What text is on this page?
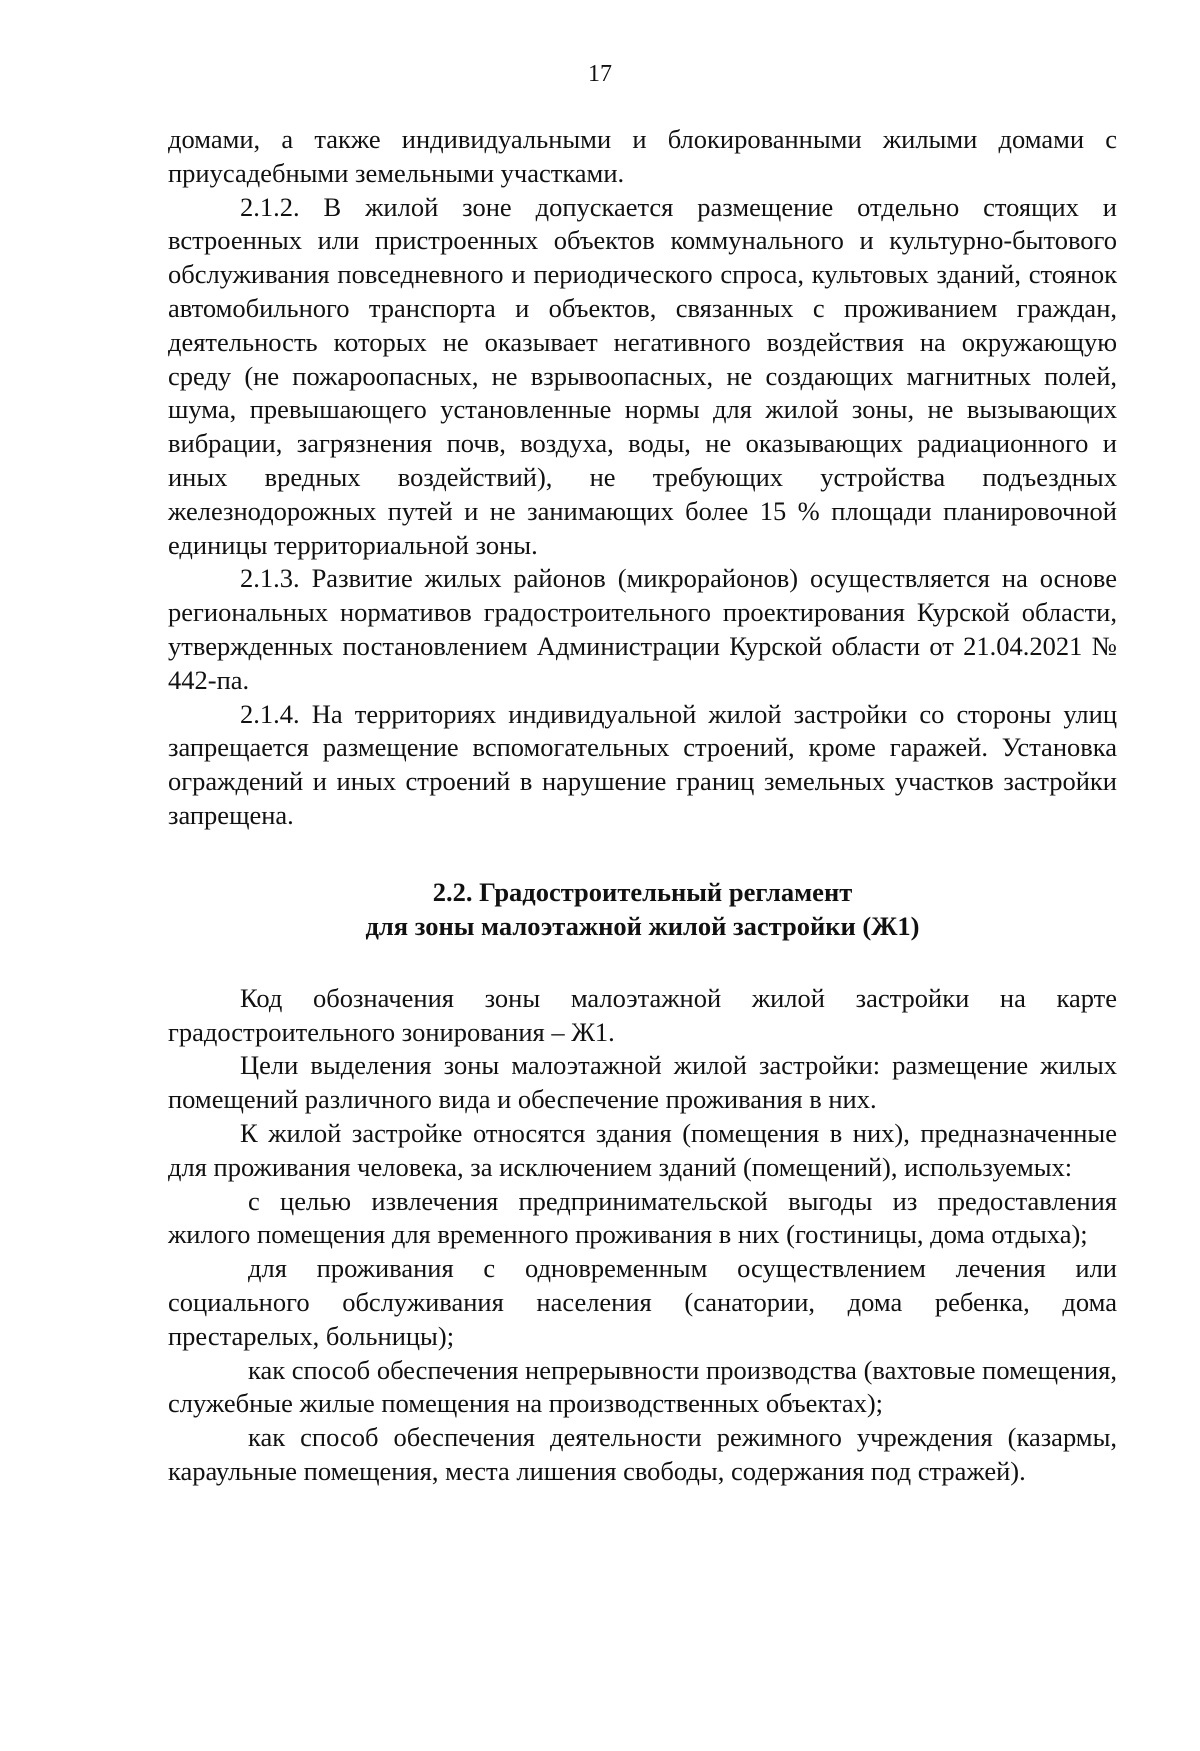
17

домами, а также индивидуальными и блокированными жилыми домами с приусадебными земельными участками.

2.1.2. В жилой зоне допускается размещение отдельно стоящих и встроенных или пристроенных объектов коммунального и культурно-бытового обслуживания повседневного и периодического спроса, культовых зданий, стоянок автомобильного транспорта и объектов, связанных с проживанием граждан, деятельность которых не оказывает негативного воздействия на окружающую среду (не пожароопасных, не взрывоопасных, не создающих магнитных полей, шума, превышающего установленные нормы для жилой зоны, не вызывающих вибрации, загрязнения почв, воздуха, воды, не оказывающих радиационного и иных вредных воздействий), не требующих устройства подъездных железнодорожных путей и не занимающих более 15 % площади планировочной единицы территориальной зоны.

2.1.3. Развитие жилых районов (микрорайонов) осуществляется на основе региональных нормативов градостроительного проектирования Курской области, утвержденных постановлением Администрации Курской области от 21.04.2021 № 442-па.

2.1.4. На территориях индивидуальной жилой застройки со стороны улиц запрещается размещение вспомогательных строений, кроме гаражей. Установка ограждений и иных строений в нарушение границ земельных участков застройки запрещена.

2.2. Градостроительный регламент
для зоны малоэтажной жилой застройки (Ж1)

Код обозначения зоны малоэтажной жилой застройки на карте градостроительного зонирования – Ж1.

Цели выделения зоны малоэтажной жилой застройки: размещение жилых помещений различного вида и обеспечение проживания в них.

К жилой застройке относятся здания (помещения в них), предназначенные для проживания человека, за исключением зданий (помещений), используемых:

с целью извлечения предпринимательской выгоды из предоставления жилого помещения для временного проживания в них (гостиницы, дома отдыха);

для проживания с одновременным осуществлением лечения или социального обслуживания населения (санатории, дома ребенка, дома престарелых, больницы);

как способ обеспечения непрерывности производства (вахтовые помещения, служебные жилые помещения на производственных объектах);

как способ обеспечения деятельности режимного учреждения (казармы, караульные помещения, места лишения свободы, содержания под стражей).
